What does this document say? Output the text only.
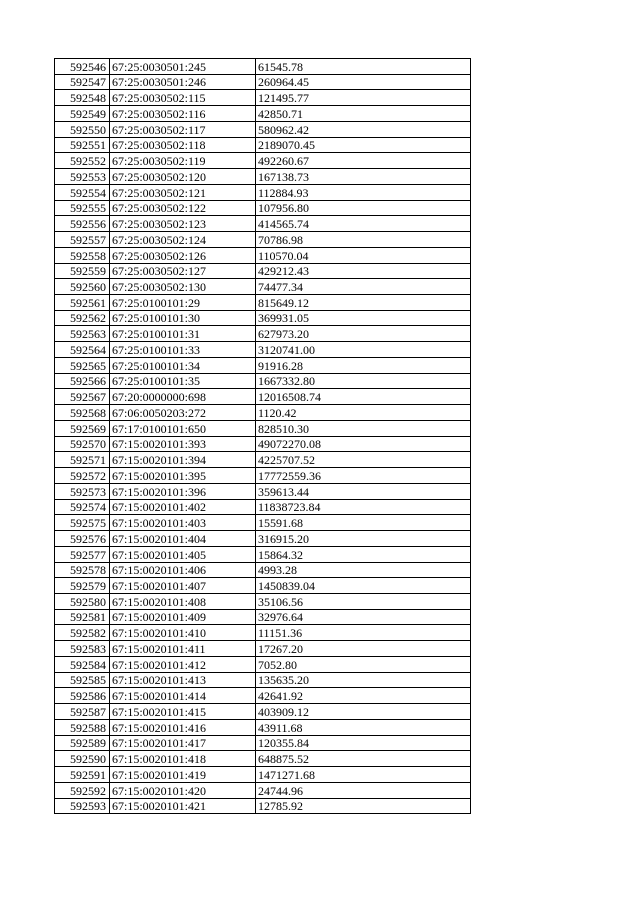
592546	67:25:0030501:245	61545.78
592547	67:25:0030501:246	260964.45
592548	67:25:0030502:115	121495.77
592549	67:25:0030502:116	42850.71
592550	67:25:0030502:117	580962.42
592551	67:25:0030502:118	2189070.45
592552	67:25:0030502:119	492260.67
592553	67:25:0030502:120	167138.73
592554	67:25:0030502:121	112884.93
592555	67:25:0030502:122	107956.80
592556	67:25:0030502:123	414565.74
592557	67:25:0030502:124	70786.98
592558	67:25:0030502:126	110570.04
592559	67:25:0030502:127	429212.43
592560	67:25:0030502:130	74477.34
592561	67:25:0100101:29	815649.12
592562	67:25:0100101:30	369931.05
592563	67:25:0100101:31	627973.20
592564	67:25:0100101:33	3120741.00
592565	67:25:0100101:34	91916.28
592566	67:25:0100101:35	1667332.80
592567	67:20:0000000:698	12016508.74
592568	67:06:0050203:272	1120.42
592569	67:17:0100101:650	828510.30
592570	67:15:0020101:393	49072270.08
592571	67:15:0020101:394	4225707.52
592572	67:15:0020101:395	17772559.36
592573	67:15:0020101:396	359613.44
592574	67:15:0020101:402	11838723.84
592575	67:15:0020101:403	15591.68
592576	67:15:0020101:404	316915.20
592577	67:15:0020101:405	15864.32
592578	67:15:0020101:406	4993.28
592579	67:15:0020101:407	1450839.04
592580	67:15:0020101:408	35106.56
592581	67:15:0020101:409	32976.64
592582	67:15:0020101:410	11151.36
592583	67:15:0020101:411	17267.20
592584	67:15:0020101:412	7052.80
592585	67:15:0020101:413	135635.20
592586	67:15:0020101:414	42641.92
592587	67:15:0020101:415	403909.12
592588	67:15:0020101:416	43911.68
592589	67:15:0020101:417	120355.84
592590	67:15:0020101:418	648875.52
592591	67:15:0020101:419	1471271.68
592592	67:15:0020101:420	24744.96
592593	67:15:0020101:421	12785.92
